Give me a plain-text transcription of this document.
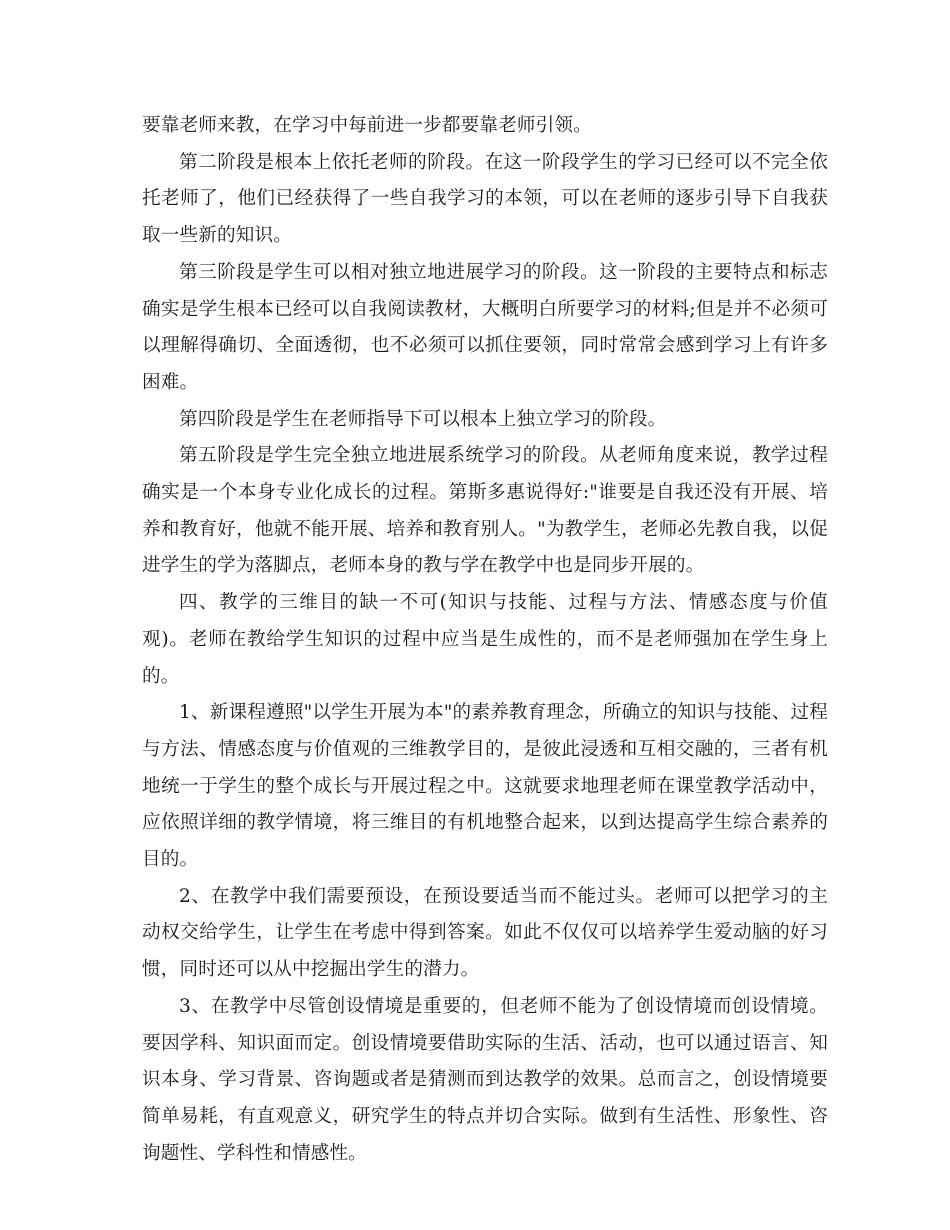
要靠老师来教，在学习中每前进一步都要靠老师引领。

第二阶段是根本上依托老师的阶段。在这一阶段学生的学习已经可以不完全依托老师了，他们已经获得了一些自我学习的本领，可以在老师的逐步引导下自我获取一些新的知识。

第三阶段是学生可以相对独立地进展学习的阶段。这一阶段的主要特点和标志确实是学生根本已经可以自我阅读教材，大概明白所要学习的材料;但是并不必须可以理解得确切、全面透彻，也不必须可以抓住要领，同时常常会感到学习上有许多困难。

第四阶段是学生在老师指导下可以根本上独立学习的阶段。

第五阶段是学生完全独立地进展系统学习的阶段。从老师角度来说，教学过程确实是一个本身专业化成长的过程。第斯多惠说得好:"谁要是自我还没有开展、培养和教育好，他就不能开展、培养和教育别人。"为教学生，老师必先教自我，以促进学生的学为落脚点，老师本身的教与学在教学中也是同步开展的。

四、教学的三维目的缺一不可(知识与技能、过程与方法、情感态度与价值观)。老师在教给学生知识的过程中应当是生成性的，而不是老师强加在学生身上的。

1、新课程遵照"以学生开展为本"的素养教育理念，所确立的知识与技能、过程与方法、情感态度与价值观的三维教学目的，是彼此浸透和互相交融的，三者有机地统一于学生的整个成长与开展过程之中。这就要求地理老师在课堂教学活动中，应依照详细的教学情境，将三维目的有机地整合起来，以到达提高学生综合素养的目的。

2、在教学中我们需要预设，在预设要适当而不能过头。老师可以把学习的主动权交给学生，让学生在考虑中得到答案。如此不仅仅可以培养学生爱动脑的好习惯，同时还可以从中挖掘出学生的潜力。

3、在教学中尽管创设情境是重要的，但老师不能为了创设情境而创设情境。要因学科、知识面而定。创设情境要借助实际的生活、活动，也可以通过语言、知识本身、学习背景、咨询题或者是猜测而到达教学的效果。总而言之，创设情境要简单易耗，有直观意义，研究学生的特点并切合实际。做到有生活性、形象性、咨询题性、学科性和情感性。
